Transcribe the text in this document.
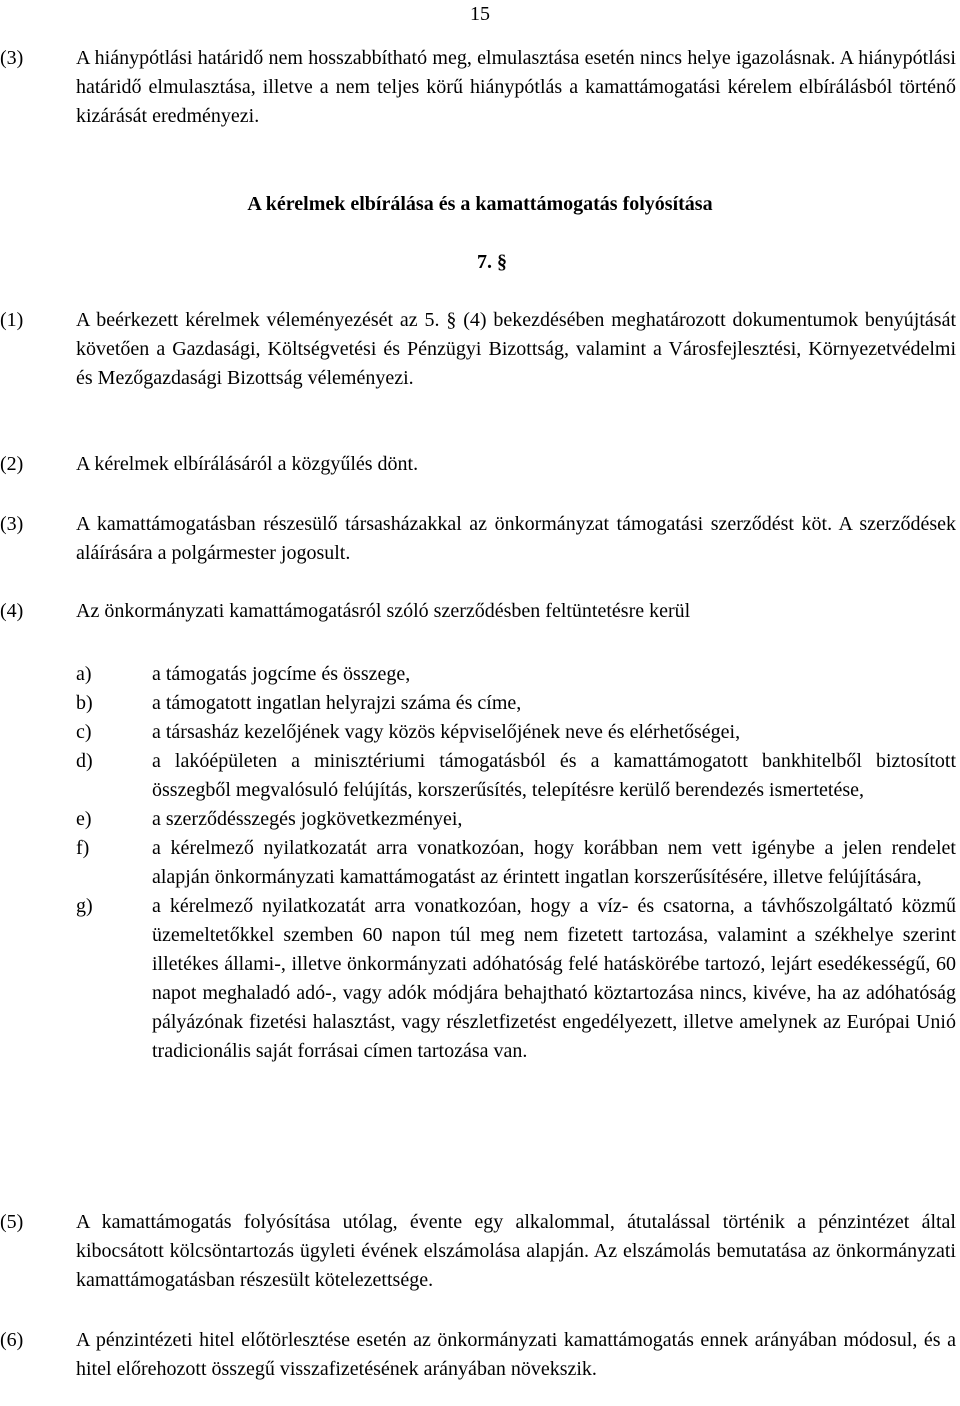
15
(3)	A hiánypótlási határidő nem hosszabbítható meg, elmulasztása esetén nincs helye igazolásnak. A hiánypótlási határidő elmulasztása, illetve a nem teljes körű hiánypótlás a kamattámogatási kérelem elbírálásból történő kizárását eredményezi.
A kérelmek elbírálása és a kamattámogatás folyósítása
7. §
(1)	A beérkezett kérelmek véleményezését az 5. § (4) bekezdésében meghatározott dokumentumok benyújtását követően a Gazdasági, Költségvetési és Pénzügyi Bizottság, valamint a Városfejlesztési, Környezetvédelmi és Mezőgazdasági Bizottság véleményezi.
(2)	A kérelmek elbírálásáról a közgyűlés dönt.
(3)	A kamattámogatásban részesülő társasházakkal az önkormányzat támogatási szerződést köt. A szerződések aláírására a polgármester jogosult.
(4)	Az önkormányzati kamattámogatásról szóló szerződésben feltüntetésre kerül
a)	a támogatás jogcíme és összege,
b)	a támogatott ingatlan helyrajzi száma és címe,
c)	a társasház kezelőjének vagy közös képviselőjének neve és elérhetőségei,
d)	a lakóépületen a minisztériumi támogatásból és a kamattámogatott bankhitelből biztosított összegből megvalósuló felújítás, korszerűsítés, telepítésre kerülő berendezés ismertetése,
e)	a szerződésszegés jogkövetkezményei,
f)	a kérelmező nyilatkozatát arra vonatkozóan, hogy korábban nem vett igénybe a jelen rendelet alapján önkormányzati kamattámogatást az érintett ingatlan korszerűsítésére, illetve felújítására,
g)	a kérelmező nyilatkozatát arra vonatkozóan, hogy a víz- és csatorna, a távhőszolgáltató közmű üzemeltetőkkel szemben 60 napon túl meg nem fizetett tartozása, valamint a székhelye szerint illetékes állami-, illetve önkormányzati adóhatóság felé hatáskörébe tartozó, lejárt esedékességű, 60 napot meghaladó adó-, vagy adók módjára behajtható köztartozása nincs, kivéve, ha az adóhatóság pályázónak fizetési halasztást, vagy részletfizetést engedélyezett, illetve amelynek az Európai Unió tradicionális saját forrásai címen tartozása van.
(5)	A kamattámogatás folyósítása utólag, évente egy alkalommal, átutalással történik a pénzintézet által kibocsátott kölcsöntartozás ügyleti évének elszámolása alapján. Az elszámolás bemutatása az önkormányzati kamattámogatásban részesült kötelezettsége.
(6)	A pénzintézeti hitel előtörlesztése esetén az önkormányzati kamattámogatás ennek arányában módosul, és a hitel előrehozott összegű visszafizetésének arányában növekszik.
